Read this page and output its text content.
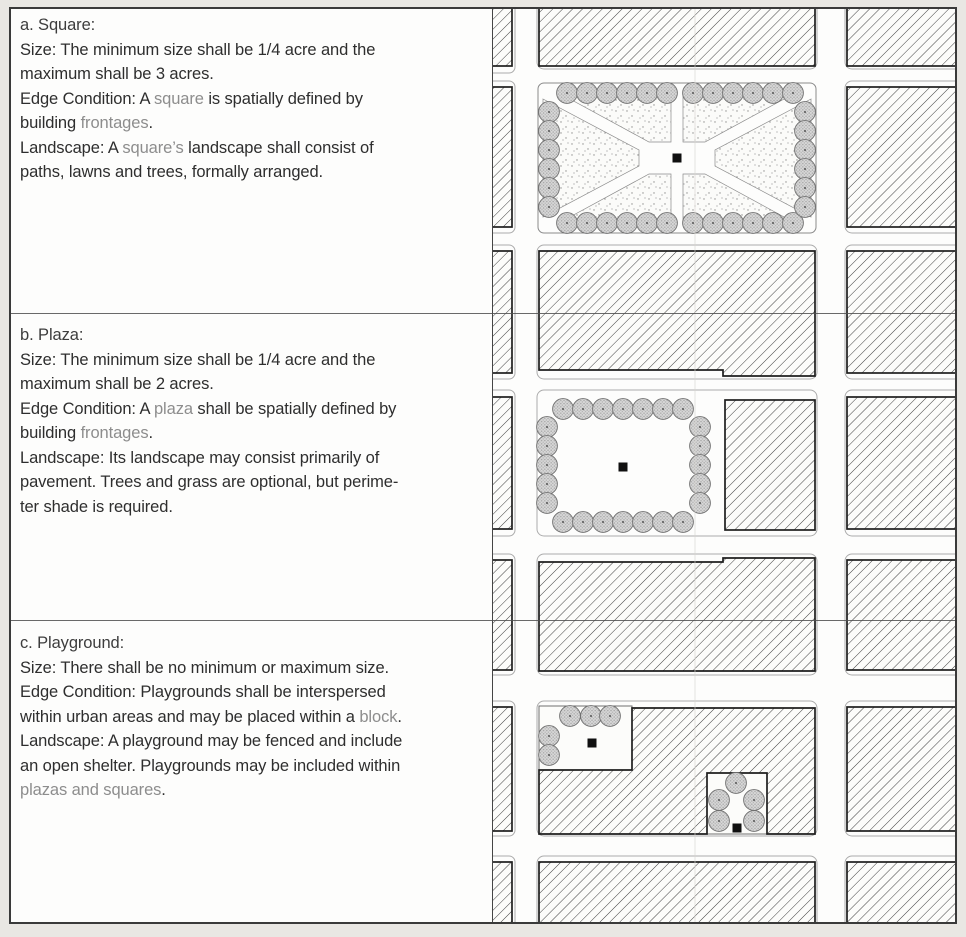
a. Square:
Size: The minimum size shall be 1/4 acre and the
maximum shall be 3 acres.
Edge Condition: A square is spatially defined by
building frontages.
Landscape: A square’s landscape shall consist of
paths, lawns and trees, formally arranged.
b. Plaza:
Size: The minimum size shall be 1/4 acre and the
maximum shall be 2 acres.
Edge Condition: A plaza shall be spatially defined by
building frontages.
Landscape: Its landscape may consist primarily of
pavement. Trees and grass are optional, but perime-
ter shade is required.
c. Playground:
Size: There shall be no minimum or maximum size.
Edge Condition: Playgrounds shall be interspersed
within urban areas and may be placed within a block.
Landscape: A playground may be fenced and include
an open shelter. Playgrounds may be included within
plazas and squares.
